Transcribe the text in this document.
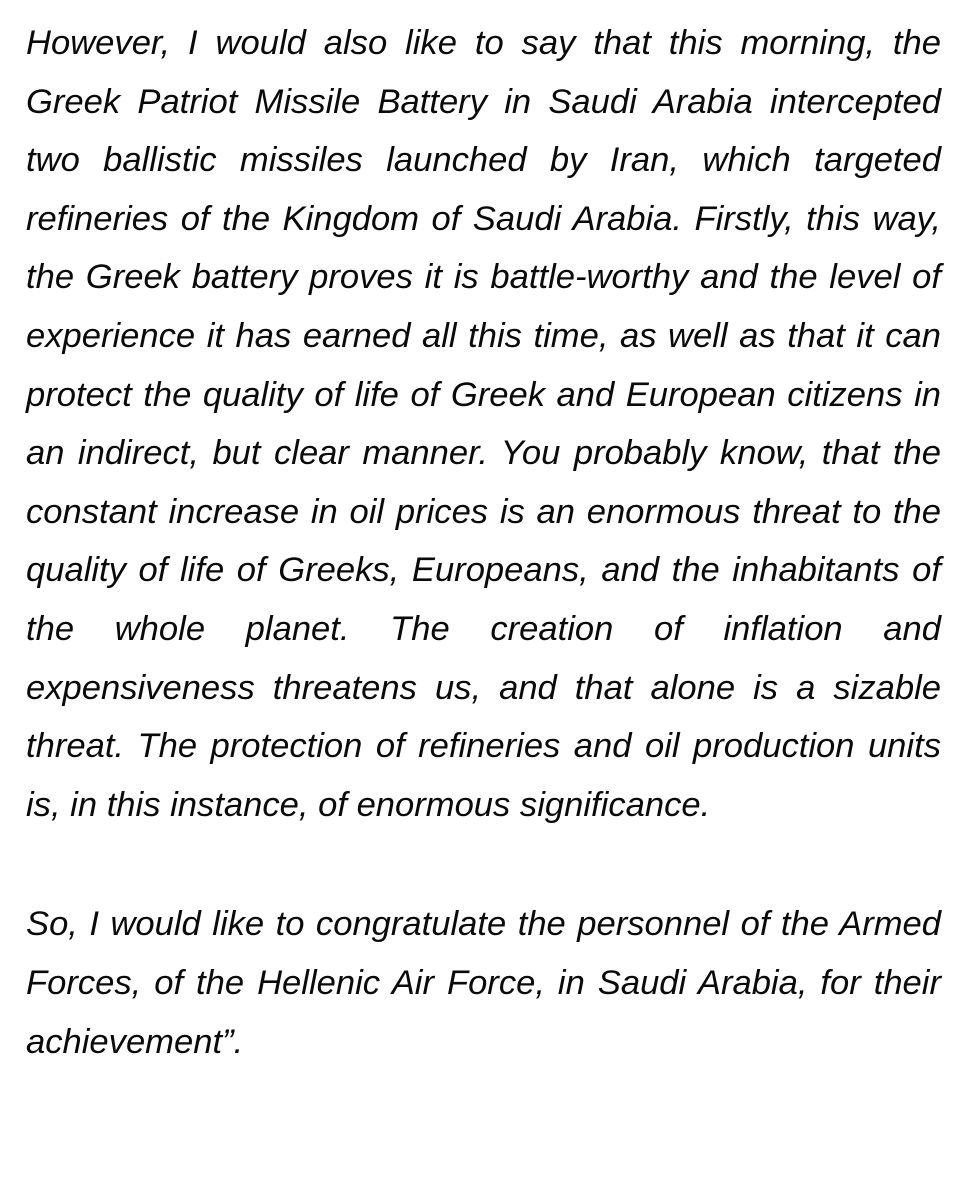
However, I would also like to say that this morning, the Greek Patriot Missile Battery in Saudi Arabia intercepted two ballistic missiles launched by Iran, which targeted refineries of the Kingdom of Saudi Arabia. Firstly, this way, the Greek battery proves it is battle-worthy and the level of experience it has earned all this time, as well as that it can protect the quality of life of Greek and European citizens in an indirect, but clear manner. You probably know, that the constant increase in oil prices is an enormous threat to the quality of life of Greeks, Europeans, and the inhabitants of the whole planet. The creation of inflation and expensiveness threatens us, and that alone is a sizable threat. The protection of refineries and oil production units is, in this instance, of enormous significance.

So, I would like to congratulate the personnel of the Armed Forces, of the Hellenic Air Force, in Saudi Arabia, for their achievement”.
